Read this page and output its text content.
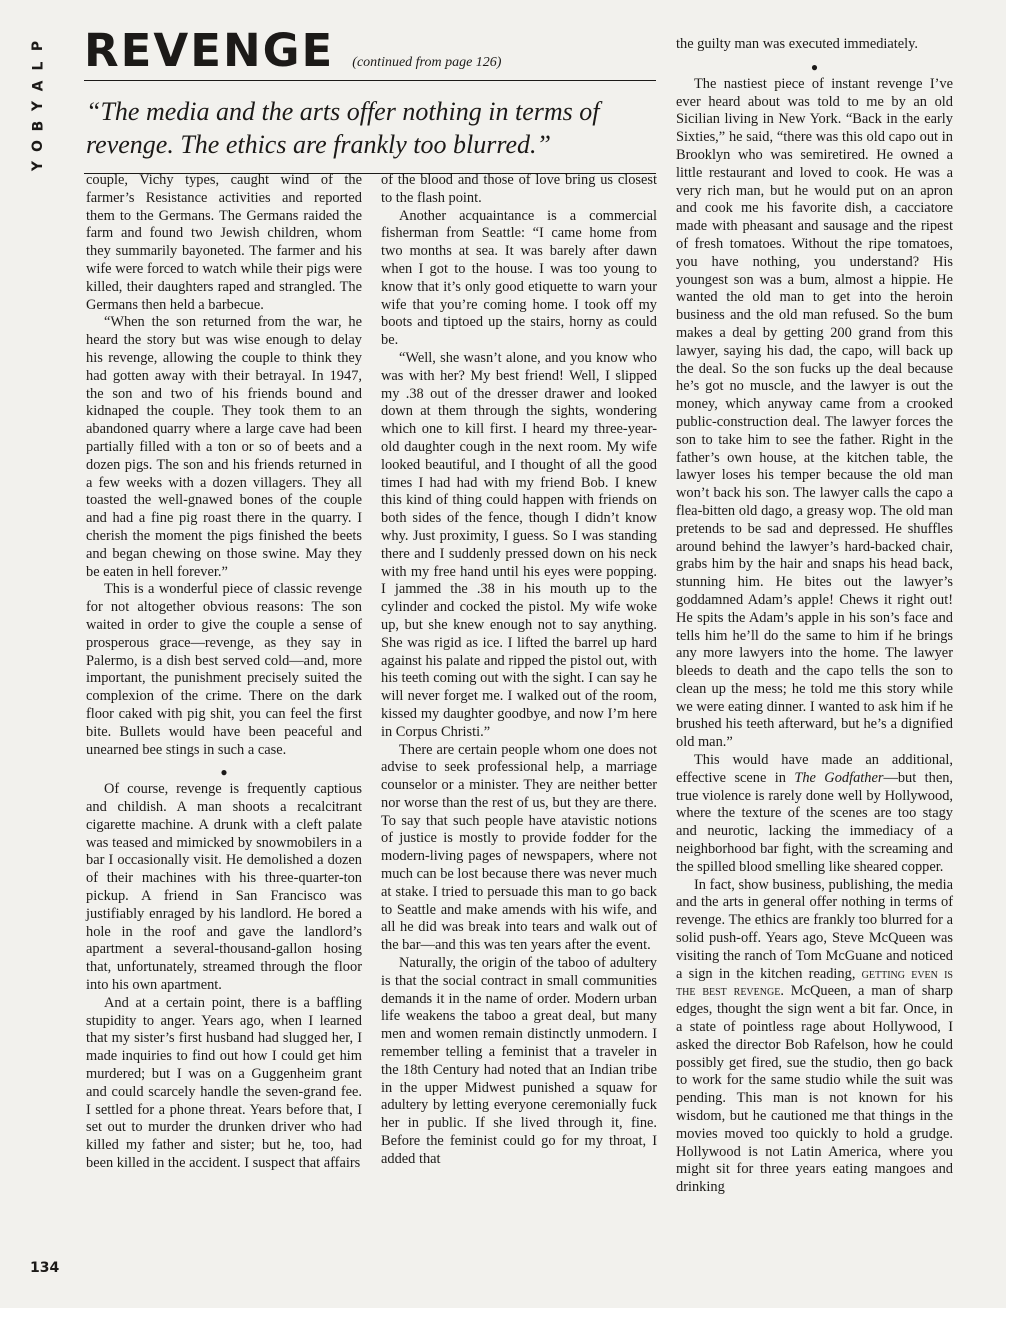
P
L
A
Y
B
O
Y
134
REVENGE (continued from page 126)
“The media and the arts offer nothing in terms of revenge. The ethics are frankly too blurred.”

couple, Vichy types, caught wind of the farmer’s Resistance activities and reported them to the Germans. The Germans raided the farm and found two Jewish children, whom they summarily bayoneted. The farmer and his wife were forced to watch while their pigs were killed, their daughters raped and strangled. The Germans then held a barbecue.

“When the son returned from the war, he heard the story but was wise enough to delay his revenge, allowing the couple to think they had gotten away with their betrayal. In 1947, the son and two of his friends bound and kidnaped the couple. They took them to an abandoned quarry where a large cave had been partially filled with a ton or so of beets and a dozen pigs. The son and his friends returned in a few weeks with a dozen villagers. They all toasted the well-gnawed bones of the couple and had a fine pig roast there in the quarry. I cherish the moment the pigs finished the beets and began chewing on those swine. May they be eaten in hell forever.”

This is a wonderful piece of classic revenge for not altogether obvious reasons: The son waited in order to give the couple a sense of prosperous grace—revenge, as they say in Palermo, is a dish best served cold—and, more important, the punishment precisely suited the complexion of the crime. There on the dark floor caked with pig shit, you can feel the first bite. Bullets would have been peaceful and unearned bee stings in such a case.

●

Of course, revenge is frequently captious and childish. A man shoots a recalcitrant cigarette machine. A drunk with a cleft palate was teased and mimicked by snowmobilers in a bar I occasionally visit. He demolished a dozen of their machines with his three-quarter-ton pickup. A friend in San Francisco was justifiably enraged by his landlord. He bored a hole in the roof and gave the landlord’s apartment a several-thousand-gallon hosing that, unfortunately, streamed through the floor into his own apartment.

And at a certain point, there is a baffling stupidity to anger. Years ago, when I learned that my sister’s first husband had slugged her, I made inquiries to find out how I could get him murdered; but I was on a Guggenheim grant and could scarcely handle the seven-grand fee. I settled for a phone threat. Years before that, I set out to murder the drunken driver who had killed my father and sister; but he, too, had been killed in the accident. I suspect that affairs

of the blood and those of love bring us closest to the flash point.

Another acquaintance is a commercial fisherman from Seattle: “I came home from two months at sea. It was barely after dawn when I got to the house. I was too young to know that it’s only good etiquette to warn your wife that you’re coming home. I took off my boots and tiptoed up the stairs, horny as could be.

“Well, she wasn’t alone, and you know who was with her? My best friend! Well, I slipped my .38 out of the dresser drawer and looked down at them through the sights, wondering which one to kill first. I heard my three-year-old daughter cough in the next room. My wife looked beautiful, and I thought of all the good times I had had with my friend Bob. I knew this kind of thing could happen with friends on both sides of the fence, though I didn’t know why. Just proximity, I guess. So I was standing there and I suddenly pressed down on his neck with my free hand until his eyes were popping. I jammed the .38 in his mouth up to the cylinder and cocked the pistol. My wife woke up, but she knew enough not to say anything. She was rigid as ice. I lifted the barrel up hard against his palate and ripped the pistol out, with his teeth coming out with the sight. I can say he will never forget me. I walked out of the room, kissed my daughter goodbye, and now I’m here in Corpus Christi.”

There are certain people whom one does not advise to seek professional help, a marriage counselor or a minister. They are neither better nor worse than the rest of us, but they are there. To say that such people have atavistic notions of justice is mostly to provide fodder for the modern-living pages of newspapers, where not much can be lost because there was never much at stake. I tried to persuade this man to go back to Seattle and make amends with his wife, and all he did was break into tears and walk out of the bar—and this was ten years after the event.

Naturally, the origin of the taboo of adultery is that the social contract in small communities demands it in the name of order. Modern urban life weakens the taboo a great deal, but many men and women remain distinctly unmodern. I remember telling a feminist that a traveler in the 18th Century had noted that an Indian tribe in the upper Midwest punished a squaw for adultery by letting everyone ceremonially fuck her in public. If she lived through it, fine. Before the feminist could go for my throat, I added that

the guilty man was executed immediately.

●

The nastiest piece of instant revenge I’ve ever heard about was told to me by an old Sicilian living in New York. “Back in the early Sixties,” he said, “there was this old capo out in Brooklyn who was semiretired. He owned a little restaurant and loved to cook. He was a very rich man, but he would put on an apron and cook me his favorite dish, a cacciatore made with pheasant and sausage and the ripest of fresh tomatoes. Without the ripe tomatoes, you have nothing, you understand? His youngest son was a bum, almost a hippie. He wanted the old man to get into the heroin business and the old man refused. So the bum makes a deal by getting 200 grand from this lawyer, saying his dad, the capo, will back up the deal. So the son fucks up the deal because he’s got no muscle, and the lawyer is out the money, which anyway came from a crooked public-construction deal. The lawyer forces the son to take him to see the father. Right in the father’s own house, at the kitchen table, the lawyer loses his temper because the old man won’t back his son. The lawyer calls the capo a flea-bitten old dago, a greasy wop. The old man pretends to be sad and depressed. He shuffles around behind the lawyer’s hard-backed chair, grabs him by the hair and snaps his head back, stunning him. He bites out the lawyer’s goddamned Adam’s apple! Chews it right out! He spits the Adam’s apple in his son’s face and tells him he’ll do the same to him if he brings any more lawyers into the home. The lawyer bleeds to death and the capo tells the son to clean up the mess; he told me this story while we were eating dinner. I wanted to ask him if he brushed his teeth afterward, but he’s a dignified old man.”

This would have made an additional, effective scene in The Godfather—but then, true violence is rarely done well by Hollywood, where the texture of the scenes are too stagy and neurotic, lacking the immediacy of a neighborhood bar fight, with the screaming and the spilled blood smelling like sheared copper.

In fact, show business, publishing, the media and the arts in general offer nothing in terms of revenge. The ethics are frankly too blurred for a solid push-off. Years ago, Steve McQueen was visiting the ranch of Tom McGuane and noticed a sign in the kitchen reading, getting even is the best revenge. McQueen, a man of sharp edges, thought the sign went a bit far. Once, in a state of pointless rage about Hollywood, I asked the director Bob Rafelson, how he could possibly get fired, sue the studio, then go back to work for the same studio while the suit was pending. This man is not known for his wisdom, but he cautioned me that things in the movies moved too quickly to hold a grudge. Hollywood is not Latin America, where you might sit for three years eating mangoes and drinking
